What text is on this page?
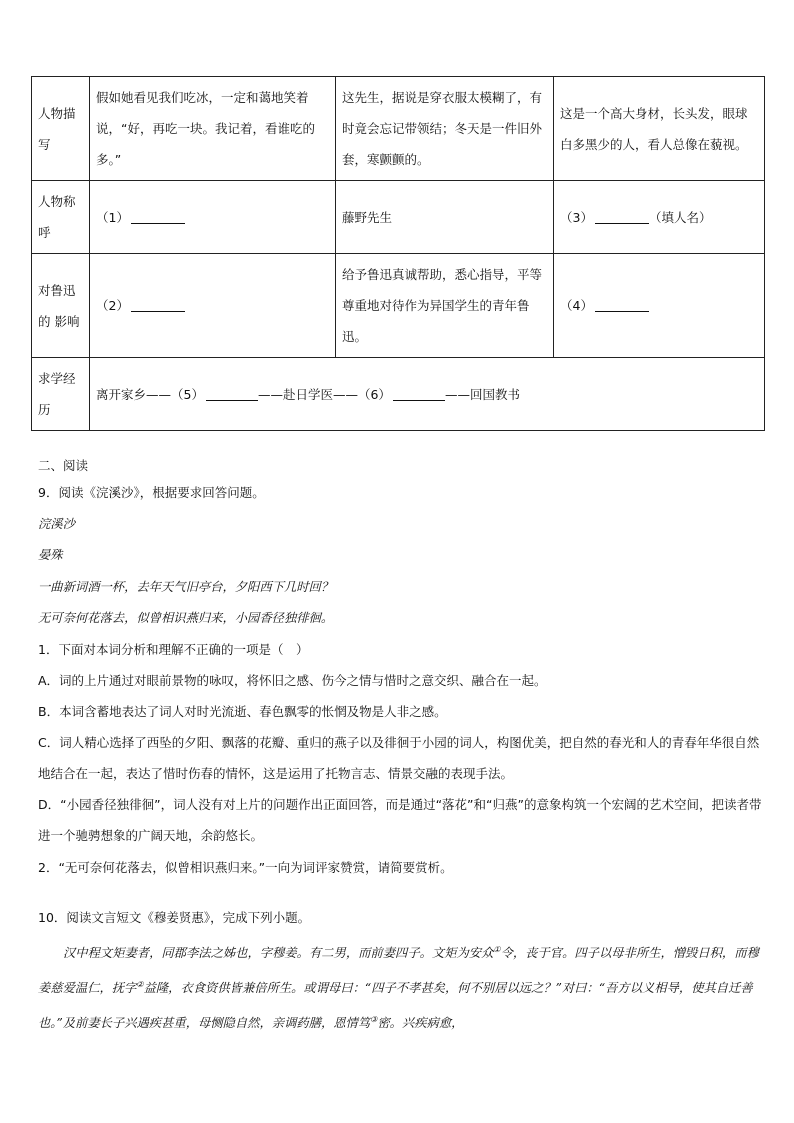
人物描写	假如她看见我们吃冰，一定和蔼地笑着说，“好，再吃一块。我记着，看谁吃的多。”	这先生，据说是穿衣服太模糊了，有时竟会忘记带领结；冬天是一件旧外套，寒颤颤的。	这是一个高大身材，长头发，眼球白多黑少的人，看人总像在藐视。
人物称呼	（1）	藤野先生	（3） （填人名）
对鲁迅的 影响	（2）	给予鲁迅真诚帮助，悉心指导，平等尊重地对待作为异国学生的青年鲁迅。	（4）
求学经历	离开家乡——（5） ——赴日学医——（6） ——回国教书		
二、阅读
9．阅读《浣溪沙》，根据要求回答问题。
浣溪沙
晏殊
一曲新词酒一杯，去年天气旧亭台，夕阳西下几时回？
无可奈何花落去，似曾相识燕归来，小园香径独徘徊。
1．下面对本词分析和理解不正确的一项是（　）
A．词的上片通过对眼前景物的咏叹，将怀旧之感、伤今之情与惜时之意交织、融合在一起。
B．本词含蓄地表达了词人对时光流逝、春色飘零的怅惘及物是人非之感。
C．词人精心选择了西坠的夕阳、飘落的花瓣、重归的燕子以及徘徊于小园的词人，构图优美，把自然的春光和人的青春年华很自然地结合在一起，表达了惜时伤春的情怀，这是运用了托物言志、情景交融的表现手法。
D．“小园香径独徘徊”，词人没有对上片的问题作出正面回答，而是通过“落花”和“归燕”的意象构筑一个宏阔的艺术空间，把读者带进一个驰骋想象的广阔天地，余韵悠长。
2．“无可奈何花落去，似曾相识燕归来。”一向为词评家赞赏，请简要赏析。
10．阅读文言短文《穆姜贤惠》，完成下列小题。
汉中程文矩妻者，同郡李法之姊也，字穆姜。有二男，而前妻四子。文矩为安众①令，丧于官。四子以母非所生，憎毁日积，而穆姜慈爱温仁，抚字②益隆，衣食资供皆兼倍所生。或谓母曰：“四子不孝甚矣，何不别居以远之？”对曰：“吾方以义相导，使其自迁善也。”及前妻长子兴遇疾甚重，母恻隐自然，亲调药膳，恩情笃③密。兴疾病愈，
